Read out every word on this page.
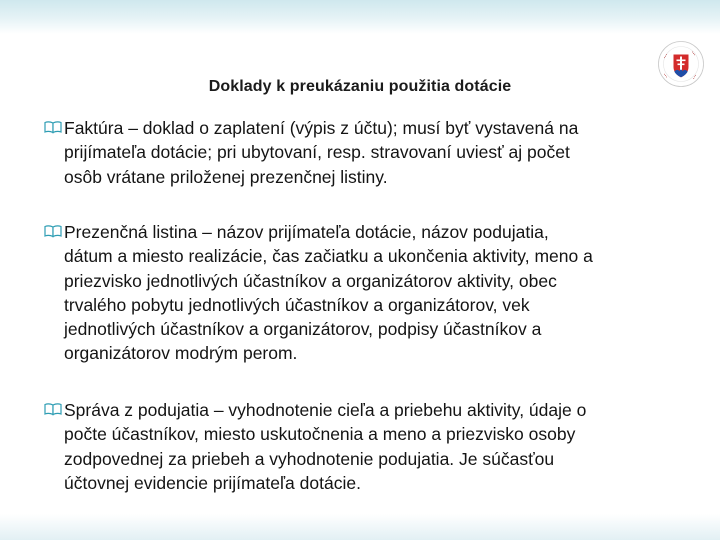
Doklady k preukázaniu použitia dotácie
•••	•••
•••
•••
Faktúra – doklad o zaplatení (výpis z účtu); musí byť vystavená na
prijímateľa dotácie; pri ubytovaní, resp. stravovaní uviesť aj počet
osôb vrátane priloženej prezenčnej listiny.
Prezenčná listina – názov prijímateľa dotácie, názov podujatia,
dátum a miesto realizácie, čas začiatku a ukončenia aktivity, meno a
priezvisko jednotlivých účastníkov a organizátorov aktivity, obec
trvalého pobytu jednotlivých účastníkov a organizátorov, vek
jednotlivých účastníkov a organizátorov, podpisy účastníkov a
organizátorov modrým perom.
Správa z podujatia – vyhodnotenie cieľa a priebehu aktivity, údaje o
počte účastníkov, miesto uskutočnenia a meno a priezvisko osoby
zodpovednej za priebeh a vyhodnotenie podujatia. Je súčasťou
účtovnej evidencie prijímateľa dotácie.
